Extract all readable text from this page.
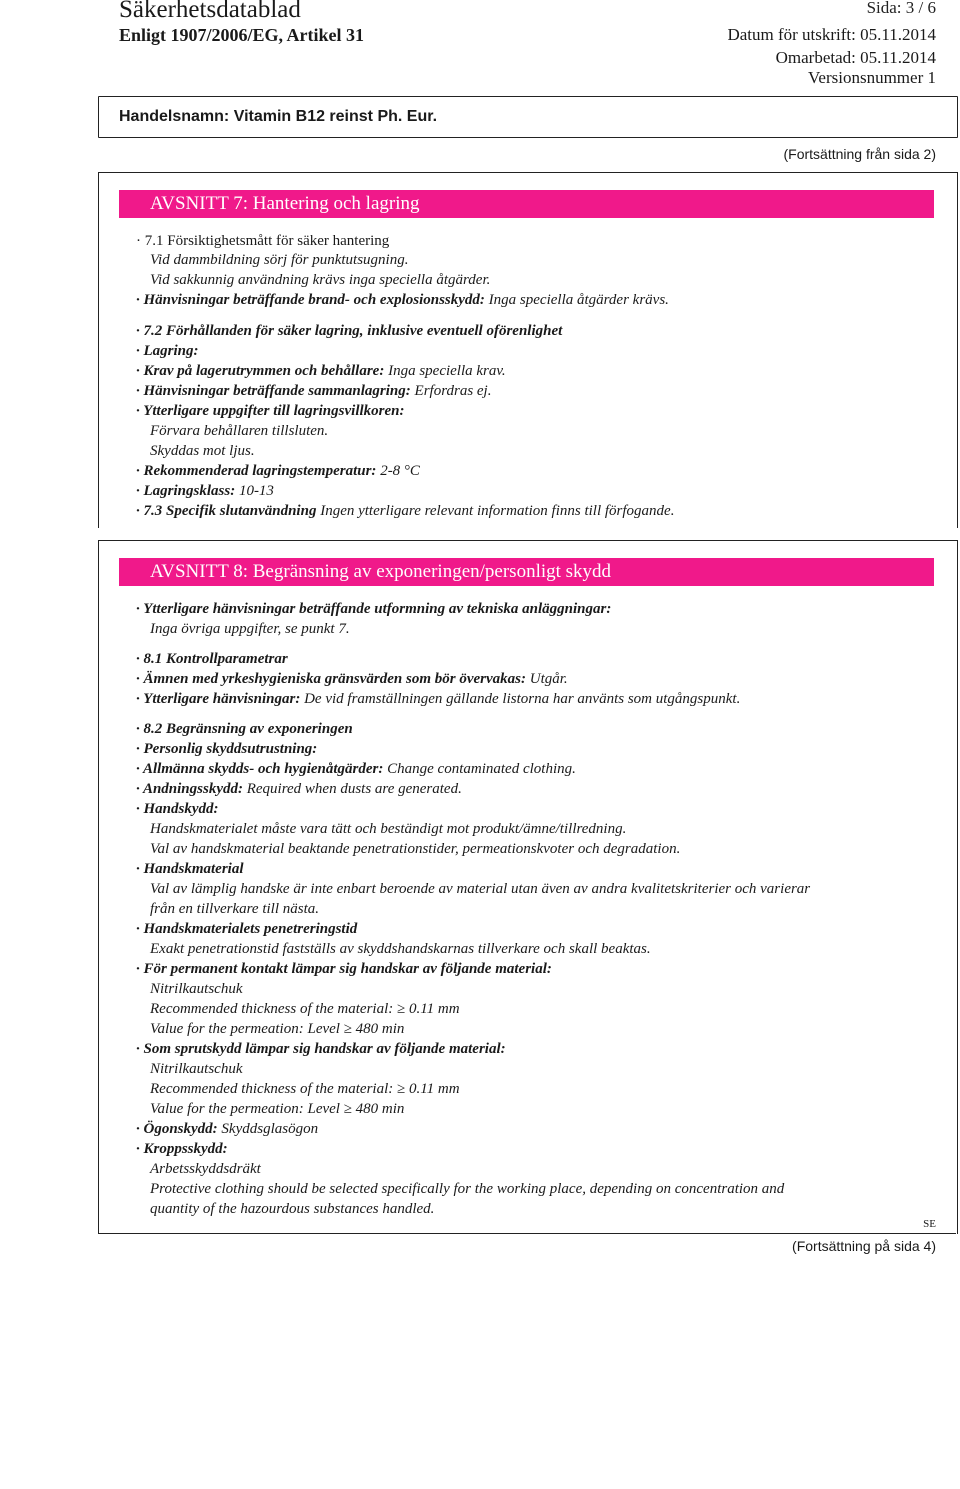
Säkerhetsdatablad
Enligt 1907/2006/EG, Artikel 31
Sida: 3 / 6
Datum för utskrift: 05.11.2014
Omarbetad: 05.11.2014
Versionsnummer 1
Handelsnamn: Vitamin B12 reinst Ph. Eur.
(Fortsättning från sida 2)
AVSNITT 7: Hantering och lagring
· 7.1 Försiktighetsmått för säker hantering
Vid dammbildning sörj för punktutsugning.
Vid sakkunnig användning krävs inga speciella åtgärder.
· Hänvisningar beträffande brand- och explosionsskydd: Inga speciella åtgärder krävs.
· 7.2 Förhållanden för säker lagring, inklusive eventuell oförenlighet
· Lagring:
· Krav på lagerutrymmen och behållare: Inga speciella krav.
· Hänvisningar beträffande sammanlagring: Erfordras ej.
· Ytterligare uppgifter till lagringsvillkoren:
Förvara behållaren tillsluten.
Skyddas mot ljus.
· Rekommenderad lagringstemperatur: 2-8 °C
· Lagringsklass: 10-13
· 7.3 Specifik slutanvändning Ingen ytterligare relevant information finns till förfogande.
AVSNITT 8: Begränsning av exponeringen/personligt skydd
· Ytterligare hänvisningar beträffande utformning av tekniska anläggningar:
Inga övriga uppgifter, se punkt 7.
· 8.1 Kontrollparametrar
· Ämnen med yrkeshygieniska gränsvärden som bör övervakas: Utgår.
· Ytterligare hänvisningar: De vid framställningen gällande listorna har använts som utgångspunkt.
· 8.2 Begränsning av exponeringen
· Personlig skyddsutrustning:
· Allmänna skydds- och hygienåtgärder: Change contaminated clothing.
· Andningsskydd: Required when dusts are generated.
· Handskydd:
Handskmaterialet måste vara tätt och beständigt mot produkt/ämne/tillredning.
Val av handskmaterial beaktande penetrationstider, permeationskvoter och degradation.
· Handskmaterial
Val av lämplig handske är inte enbart beroende av material utan även av andra kvalitetskriterier och varierar
från en tillverkare till nästa.
· Handskmaterialets penetreringstid
Exakt penetrationstid fastställs av skyddshandskarnas tillverkare och skall beaktas.
· För permanent kontakt lämpar sig handskar av följande material:
Nitrilkautschuk
Recommended thickness of the material: ≥ 0.11 mm
Value for the permeation: Level ≥ 480 min
· Som sprutskydd lämpar sig handskar av följande material:
Nitrilkautschuk
Recommended thickness of the material: ≥ 0.11 mm
Value for the permeation: Level ≥ 480 min
· Ögonskydd: Skyddsglasögon
· Kroppsskydd:
Arbetsskyddsdräkt
Protective clothing should be selected specifically for the working place, depending on concentration and
quantity of the hazourdous substances handled.
SE
(Fortsättning på sida 4)
